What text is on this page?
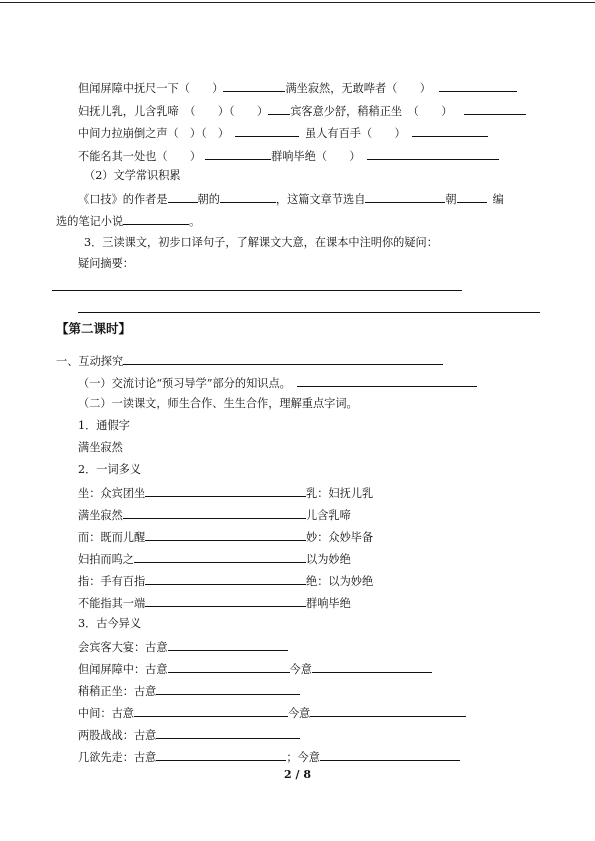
但闻屏障中抚尺一下（　　）	满坐寂然，无敢哗者（　　）
妇抚儿乳，儿含乳啼　（　　）（　　） 宾客意少舒，稍稍正坐　（　　）
中间力拉崩倒之声（　）（　）	虽人有百手（　　）
不能名其一处也（　　）	群响毕绝（　　）
（2）文学常识积累
《口技》的作者是	朝的	，这篇文章节选自	朝	编
选的笔记小说	。
3．三读课文，初步口译句子，了解课文大意，在课本中注明你的疑问：
疑问摘要：
【第二课时】
一、互动探究
（一）交流讨论“预习导学”部分的知识点。
（二）一读课文，师生合作、生生合作，理解重点字词。
1．通假字
满坐寂然
2．一词多义
坐：众宾团坐	乳：妇抚儿乳
满坐寂然	儿含乳啼
而：既而儿醒	妙：众妙毕备
妇拍而呜之	以为妙绝
指：手有百指	绝：以为妙绝
不能指其一端	群响毕绝
3．古今异义
会宾客大宴：古意
但闻屏障中：古意	今意
稍稍正坐：古意
中间：古意	今意
两股战战：古意
几欲先走：古意	；今意
2 / 8
